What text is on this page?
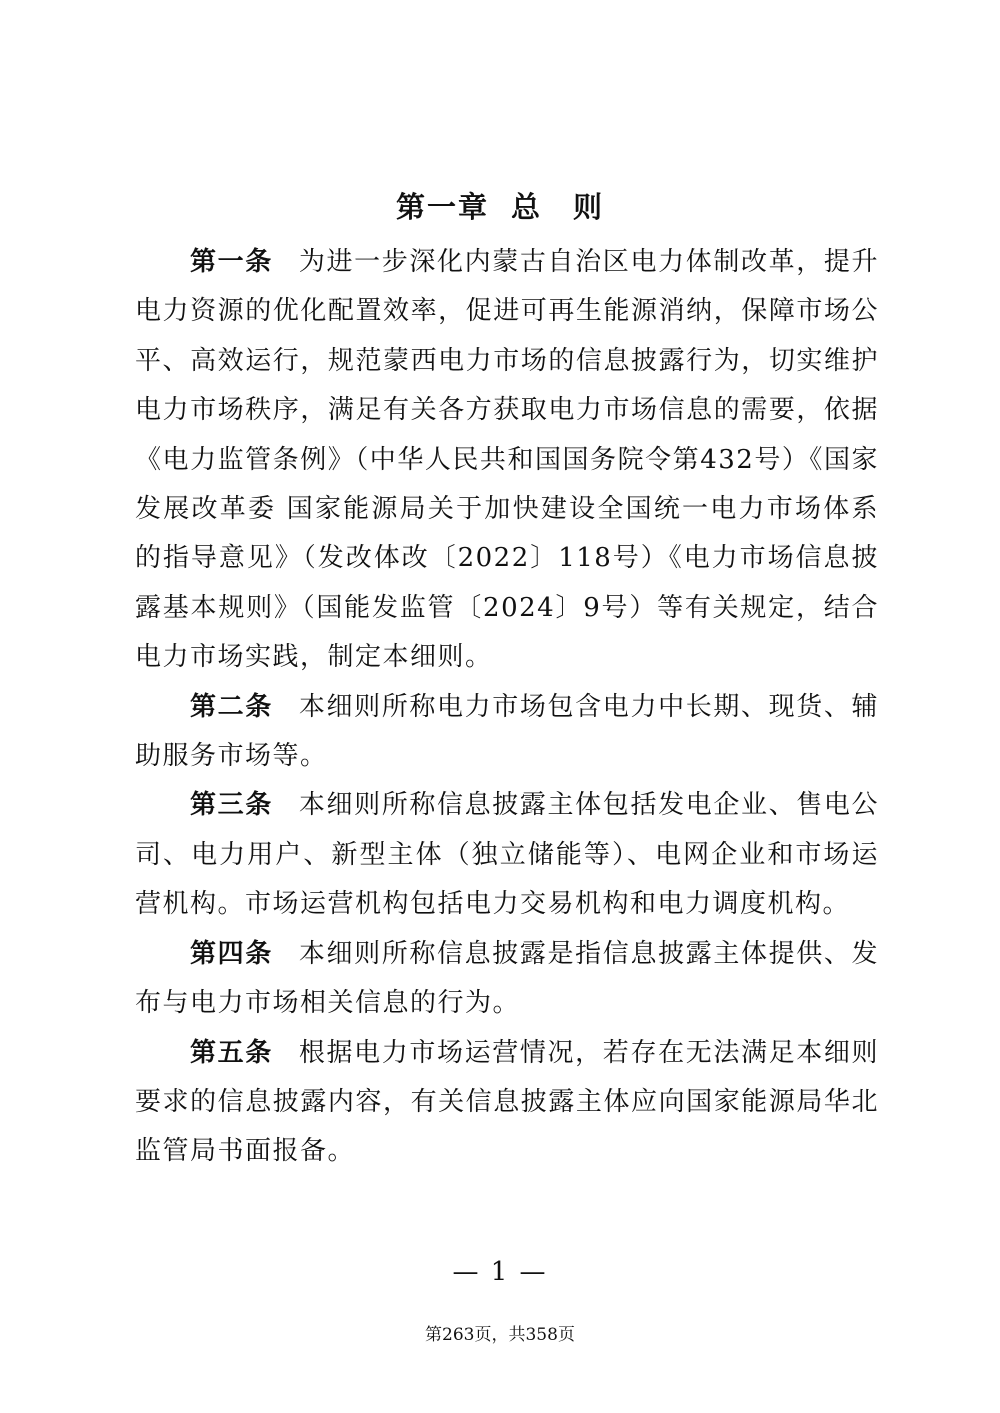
第一章 总　则

第一条 为进一步深化内蒙古自治区电力体制改革，提升电力资源的优化配置效率，促进可再生能源消纳，保障市场公平、高效运行，规范蒙西电力市场的信息披露行为，切实维护电力市场秩序，满足有关各方获取电力市场信息的需要，依据《电力监管条例》（中华人民共和国国务院令第432号）《国家发展改革委 国家能源局关于加快建设全国统一电力市场体系的指导意见》（发改体改〔2022〕118号）《电力市场信息披露基本规则》（国能发监管〔2024〕9号）等有关规定，结合电力市场实践，制定本细则。

第二条 本细则所称电力市场包含电力中长期、现货、辅助服务市场等。

第三条 本细则所称信息披露主体包括发电企业、售电公司、电力用户、新型主体（独立储能等）、电网企业和市场运营机构。市场运营机构包括电力交易机构和电力调度机构。

第四条 本细则所称信息披露是指信息披露主体提供、发布与电力市场相关信息的行为。

第五条 根据电力市场运营情况，若存在无法满足本细则要求的信息披露内容，有关信息披露主体应向国家能源局华北监管局书面报备。

— 1 —
第263页，共358页
